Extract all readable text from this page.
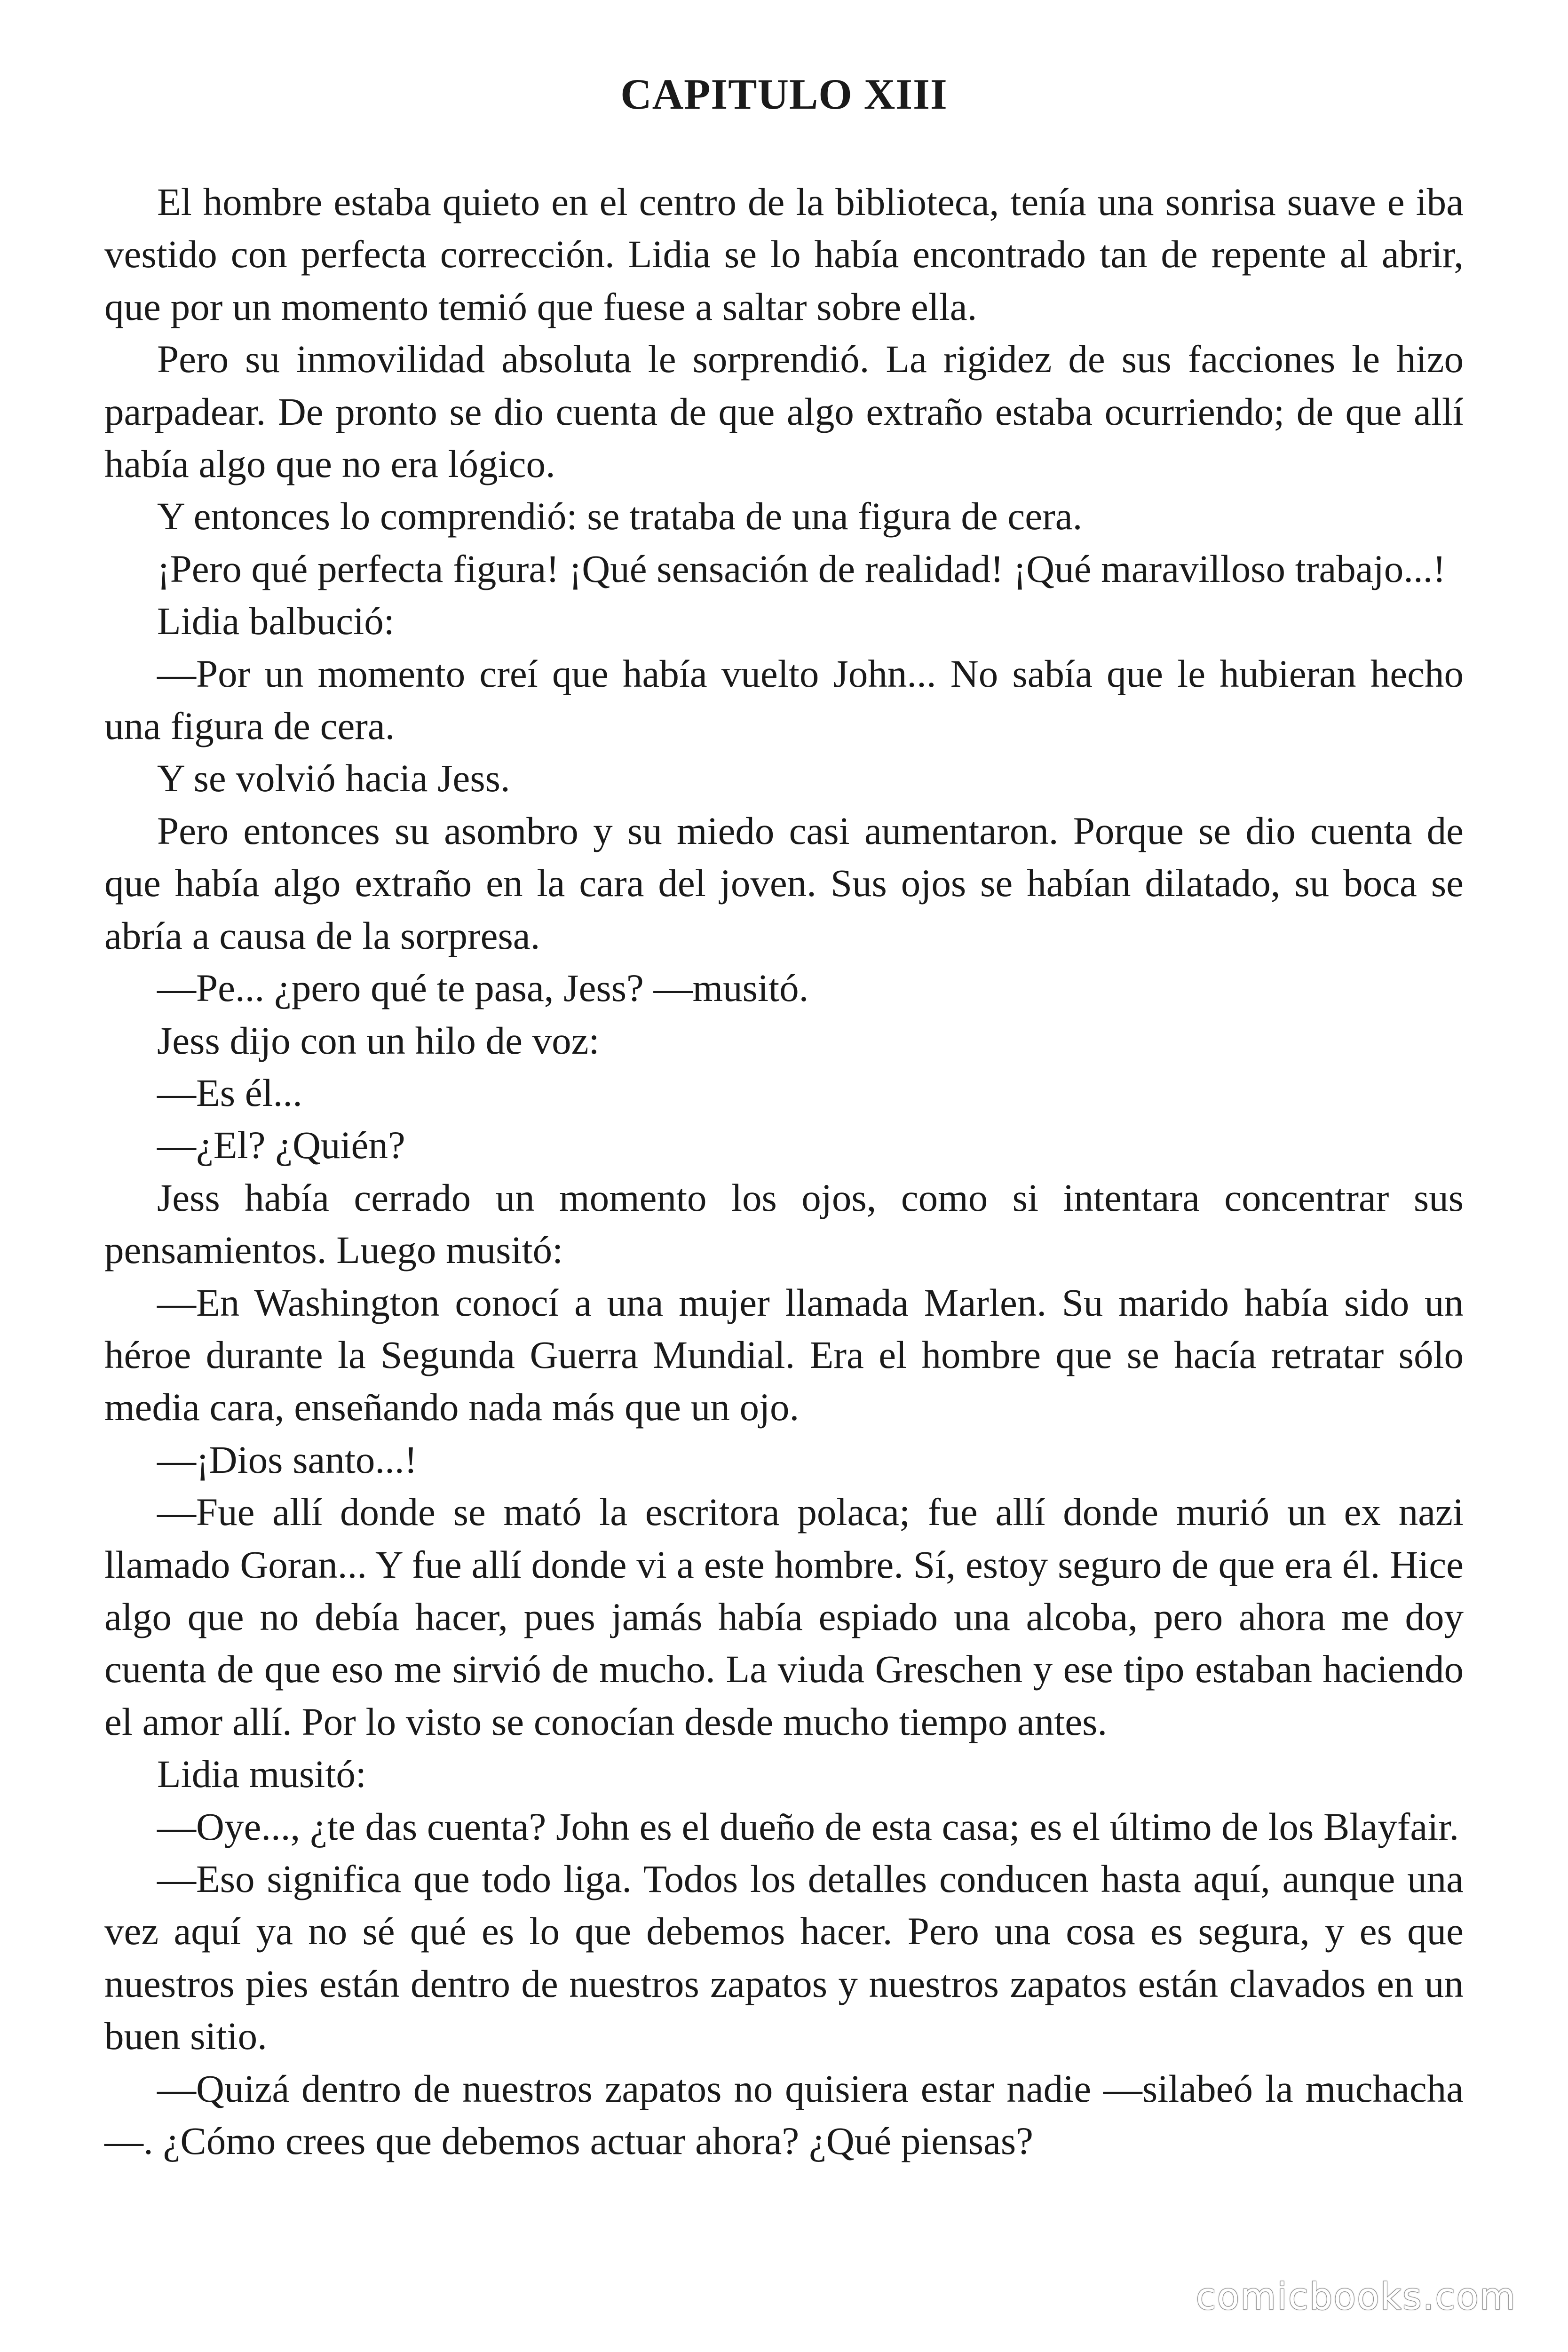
CAPITULO XIII

El hombre estaba quieto en el centro de la biblioteca, tenía una sonrisa suave e iba vestido con perfecta corrección. Lidia se lo había encontrado tan de repente al abrir, que por un momento temió que fuese a saltar sobre ella.

Pero su inmovilidad absoluta le sorprendió. La rigidez de sus facciones le hizo parpadear. De pronto se dio cuenta de que algo extraño estaba ocurriendo; de que allí había algo que no era lógico.

Y entonces lo comprendió: se trataba de una figura de cera.

¡Pero qué perfecta figura! ¡Qué sensación de realidad! ¡Qué maravilloso trabajo...!

Lidia balbució:

—Por un momento creí que había vuelto John... No sabía que le hubieran hecho una figura de cera.

Y se volvió hacia Jess.

Pero entonces su asombro y su miedo casi aumentaron. Porque se dio cuenta de que había algo extraño en la cara del joven. Sus ojos se habían dilatado, su boca se abría a causa de la sorpresa.

—Pe... ¿pero qué te pasa, Jess? —musitó.

Jess dijo con un hilo de voz:

—Es él...

—¿El? ¿Quién?

Jess había cerrado un momento los ojos, como si intentara concentrar sus pensamientos. Luego musitó:

—En Washington conocí a una mujer llamada Marlen. Su marido había sido un héroe durante la Segunda Guerra Mundial. Era el hombre que se hacía retratar sólo media cara, enseñando nada más que un ojo.

—¡Dios santo...!

—Fue allí donde se mató la escritora polaca; fue allí donde murió un ex nazi llamado Goran... Y fue allí donde vi a este hombre. Sí, estoy seguro de que era él. Hice algo que no debía hacer, pues jamás había espiado una alcoba, pero ahora me doy cuenta de que eso me sirvió de mucho. La viuda Greschen y ese tipo estaban haciendo el amor allí. Por lo visto se conocían desde mucho tiempo antes.

Lidia musitó:

—Oye..., ¿te das cuenta? John es el dueño de esta casa; es el último de los Blayfair.

—Eso significa que todo liga. Todos los detalles conducen hasta aquí, aunque una vez aquí ya no sé qué es lo que debemos hacer. Pero una cosa es segura, y es que nuestros pies están dentro de nuestros zapatos y nuestros zapatos están clavados en un buen sitio.

—Quizá dentro de nuestros zapatos no quisiera estar nadie —silabeó la muchacha—. ¿Cómo crees que debemos actuar ahora? ¿Qué piensas?

comicbooks.com
